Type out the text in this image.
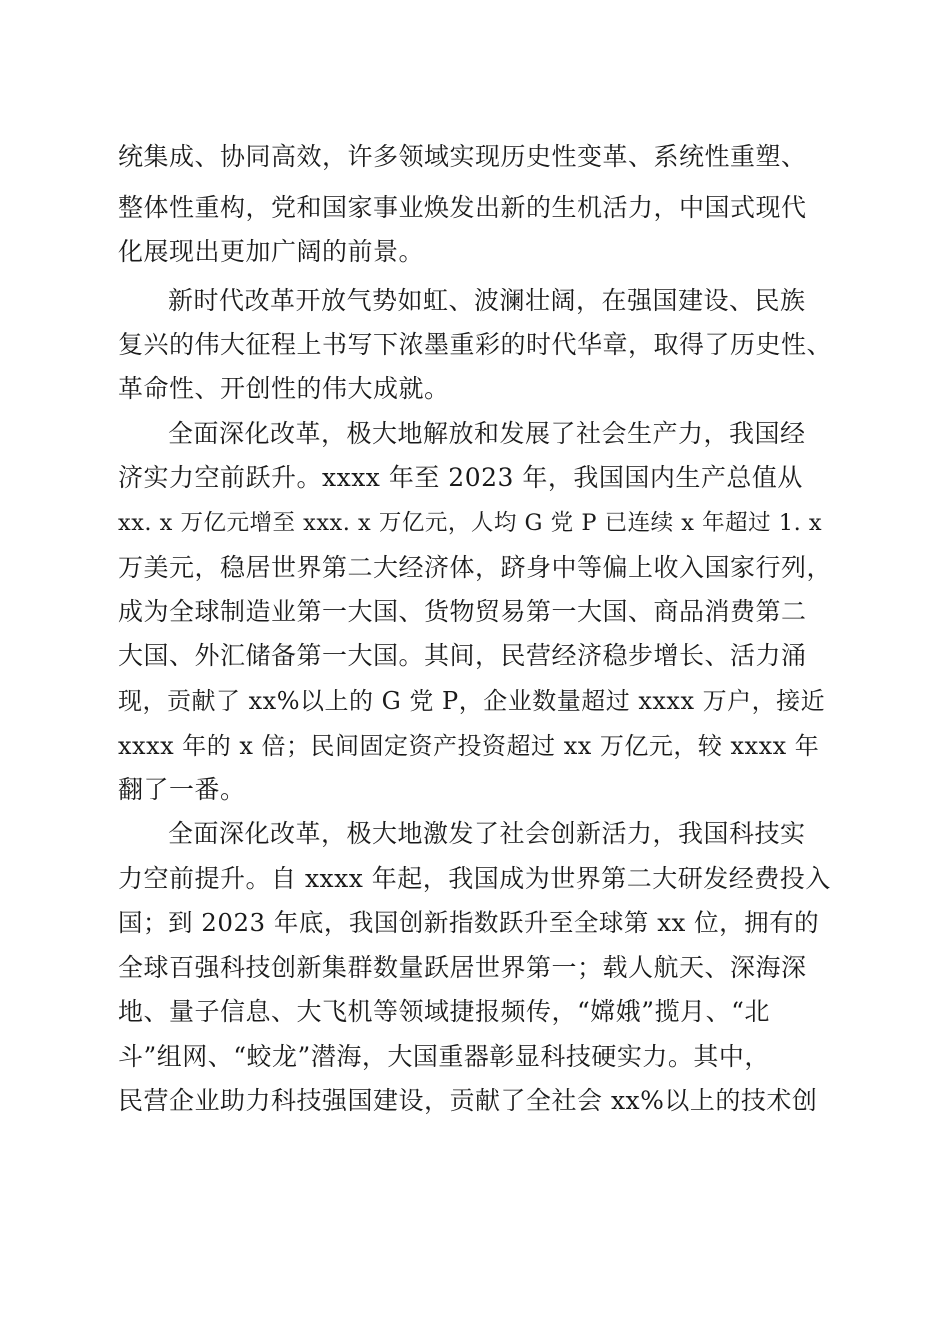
统集成、协同高效，许多领域实现历史性变革、系统性重塑、
整体性重构，党和国家事业焕发出新的生机活力，中国式现代
化展现出更加广阔的前景。
新时代改革开放气势如虹、波澜壮阔，在强国建设、民族
复兴的伟大征程上书写下浓墨重彩的时代华章，取得了历史性、
革命性、开创性的伟大成就。
全面深化改革，极大地解放和发展了社会生产力，我国经
济实力空前跃升。xxxx 年至 2023 年，我国国内生产总值从
xx. x 万亿元增至 xxx. x 万亿元，人均 G 党 P 已连续 x 年超过 1. x
万美元，稳居世界第二大经济体，跻身中等偏上收入国家行列，
成为全球制造业第一大国、货物贸易第一大国、商品消费第二
大国、外汇储备第一大国。其间，民营经济稳步增长、活力涌
现，贡献了 xx%以上的 G 党 P，企业数量超过 xxxx 万户，接近
xxxx 年的 x 倍；民间固定资产投资超过 xx 万亿元，较 xxxx 年
翻了一番。
全面深化改革，极大地激发了社会创新活力，我国科技实
力空前提升。自 xxxx 年起，我国成为世界第二大研发经费投入
国；到 2023 年底，我国创新指数跃升至全球第 xx 位，拥有的
全球百强科技创新集群数量跃居世界第一；载人航天、深海深
地、量子信息、大飞机等领域捷报频传，“嫦娥”揽月、“北
斗”组网、“蛟龙”潜海，大国重器彰显科技硬实力。其中，
民营企业助力科技强国建设，贡献了全社会 xx%以上的技术创
